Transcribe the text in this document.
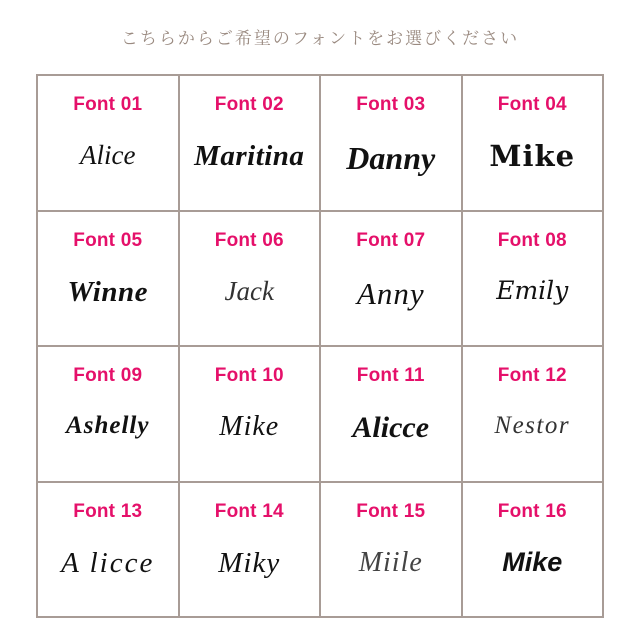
こちらからご希望のフォントをお選びください
Font 01
Alice
Font 02
Maritina
Font 03
Danny
Font 04
Mike
Font 05
Winne
Font 06
Jack
Font 07
Anny
Font 08
Emily
Font 09
Ashelly
Font 10
Mike
Font 11
Alicce
Font 12
Nestor
Font 13
A licce
Font 14
Miky
Font 15
Miile
Font 16
Mike
